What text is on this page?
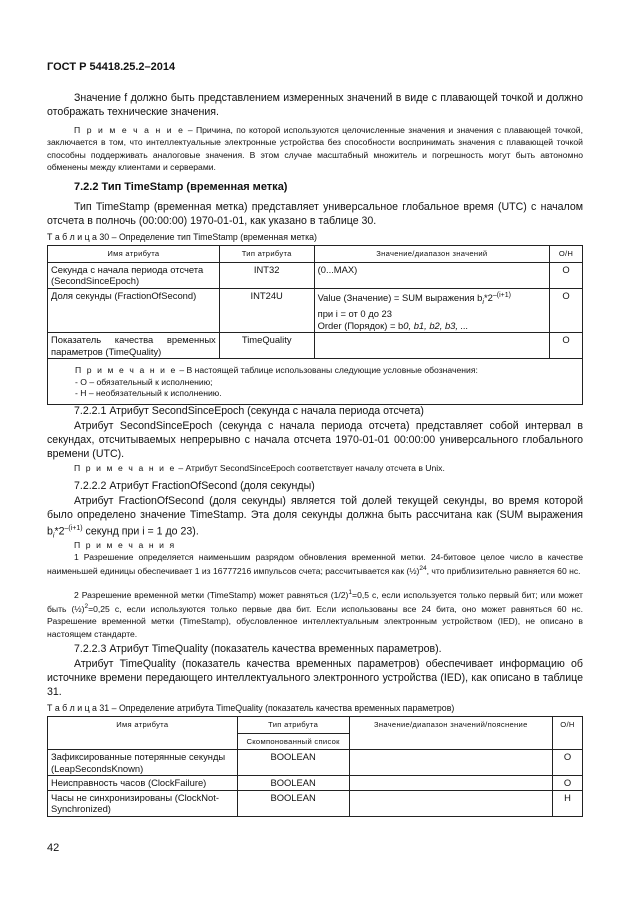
ГОСТ Р 54418.25.2–2014
Значение f должно быть представлением измеренных значений в виде с плавающей точкой и должно отображать технические значения.
П р и м е ч а н и е – Причина, по которой используются целочисленные значения и значения с плавающей точкой, заключается в том, что интеллектуальные электронные устройства без способности воспринимать значения с плавающей точкой способны поддерживать аналоговые значения. В этом случае масштабный множитель и погрешность могут быть автономно обменены между клиентами и серверами.
7.2.2 Тип TimeStamp (временная метка)
Тип TimeStamp (временная метка) представляет универсальное глобальное время (UTC) с началом отсчета в полночь (00:00:00) 1970-01-01, как указано в таблице 30.
Т а б л и ц а 30 – Определение тип TimeStamp (временная метка)
Имя атрибута	Тип атрибута	Значение/диапазон значений	О/Н
Секунда с начала периода отсчета (SecondSinceEpoch)	INT32	(0...MAX)	О
Доля секунды (FractionOfSecond)	INT24U	Value (Значение) = SUM выражения $b_i*2^{-(i+1)}$
при i = от 0 до 23
Order (Порядок) = b0, b1, b2, b3, ...	О
Показатель качества временных параметров (TimeQuality)	TimeQuality		О

П р и м е ч а н и е – В настоящей таблице использованы следующие условные обозначения:
- О – обязательный к исполнению;
- Н – необязательный к исполнению.			
7.2.2.1 Атрибут SecondSinceEpoch (секунда с начала периода отсчета)
Атрибут SecondSinceEpoch (секунда с начала периода отсчета) представляет собой интервал в секундах, отсчитываемых непрерывно с начала отсчета 1970-01-01 00:00:00 универсального глобального времени (UTC).
П р и м е ч а н и е – Атрибут SecondSinceEpoch соответствует началу отсчета в Unix.
7.2.2.2 Атрибут FractionOfSecond (доля секунды)
Атрибут FractionOfSecond (доля секунды) является той долей текущей секунды, во время которой было определено значение TimeStamp. Эта доля секунды должна быть рассчитана как (SUM выражения $b_i*2^{-(i+1)}$ секунд при i = 1 до 23).
П р и м е ч а н и я
1 Разрешение определяется наименьшим разрядом обновления временной метки. 24-битовое целое число в качестве наименьшей единицы обеспечивает 1 из 16777216 импульсов счета; рассчитывается как (½)$^{24}$, что приблизительно равняется 60 нс.
2 Разрешение временной метки (TimeStamp) может равняться $(1/2)^1=0,5$ с, если используется только первый бит; или может быть (½)$^2$=0,25 с, если используются только первые два бит. Если использованы все 24 бита, оно может равняться 60 нс. Разрешение временной метки (TimeStamp), обусловленное интеллектуальным электронным устройством (IED), не описано в настоящем стандарте.
7.2.2.3 Атрибут TimeQuality (показатель качества временных параметров).
Атрибут TimeQuality (показатель качества временных параметров) обеспечивает информацию об источнике времени передающего интеллектуального электронного устройства (IED), как описано в таблице 31.
Т а б л и ц а 31 – Определение атрибута TimeQuality (показатель качества временных параметров)
Имя атрибута	Тип атрибута	Значение/диапазон значений/пояснение	О/Н
	Скомпонованный список		
Зафиксированные потерянные секунды (LeapSecondsKnown)	BOOLEAN		О
Неисправность часов (ClockFailure)	BOOLEAN		О
Часы не синхронизированы (ClockNot-Synchronized)	BOOLEAN		Н
42
